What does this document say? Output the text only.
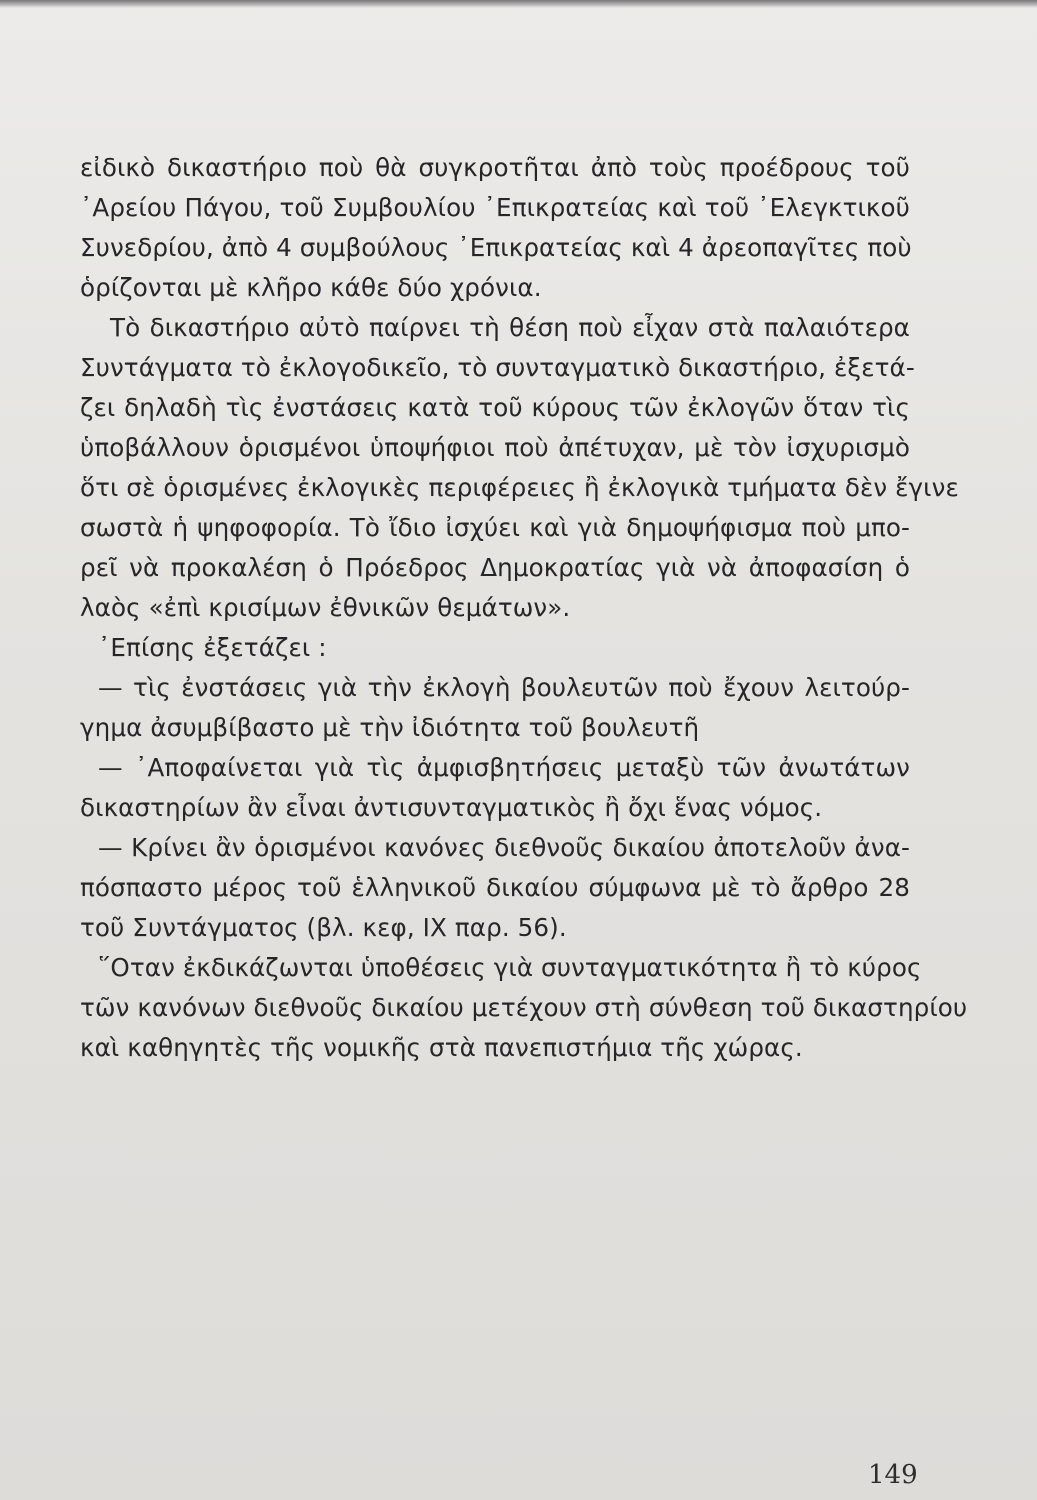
εἰδικὸ δικαστήριο ποὺ θὰ συγκροτῆται ἀπὸ τοὺς προέδρους τοῦ
᾿Αρείου Πάγου, τοῦ Συμβουλίου ᾿Επικρατείας καὶ τοῦ ᾿Ελεγκτικοῦ
Συνεδρίου, ἀπὸ 4 συμβούλους ᾿Επικρατείας καὶ 4 ἀρεοπαγῖτες ποὺ
ὁρίζονται μὲ κλῆρο κάθε δύο χρόνια.
Τὸ δικαστήριο αὐτὸ παίρνει τὴ θέση ποὺ εἶχαν στὰ παλαιότερα
Συντάγματα τὸ ἐκλογοδικεῖο, τὸ συνταγματικὸ δικαστήριο, ἐξετά-
ζει δηλαδὴ τὶς ἐνστάσεις κατὰ τοῦ κύρους τῶν ἐκλογῶν ὅταν τὶς
ὑποβάλλουν ὁρισμένοι ὑποψήφιοι ποὺ ἀπέτυχαν, μὲ τὸν ἰσχυρισμὸ
ὅτι σὲ ὁρισμένες ἐκλογικὲς περιφέρειες ἢ ἐκλογικὰ τμήματα δὲν ἔγινε
σωστὰ ἡ ψηφοφορία. Τὸ ἴδιο ἰσχύει καὶ γιὰ δημοψήφισμα ποὺ μπο-
ρεῖ νὰ προκαλέση ὁ Πρόεδρος Δημοκρατίας γιὰ νὰ ἀποφασίση ὁ
λαὸς «ἐπὶ κρισίμων ἐθνικῶν θεμάτων».
᾿Επίσης ἐξετάζει :
— τὶς ἐνστάσεις γιὰ τὴν ἐκλογὴ βουλευτῶν ποὺ ἔχουν λειτούρ-
γημα ἀσυμβίβαστο μὲ τὴν ἰδιότητα τοῦ βουλευτῆ
— ᾿Αποφαίνεται γιὰ τὶς ἀμφισβητήσεις μεταξὺ τῶν ἀνωτάτων
δικαστηρίων ἂν εἶναι ἀντισυνταγματικὸς ἢ ὄχι ἕνας νόμος.
— Κρίνει ἂν ὁρισμένοι κανόνες διεθνοῦς δικαίου ἀποτελοῦν ἀνα-
πόσπαστο μέρος τοῦ ἑλληνικοῦ δικαίου σύμφωνα μὲ τὸ ἄρθρο 28
τοῦ Συντάγματος (βλ. κεφ, ΙΧ παρ. 56).
῞Οταν ἐκδικάζωνται ὑποθέσεις γιὰ συνταγματικότητα ἢ τὸ κύρος
τῶν κανόνων διεθνοῦς δικαίου μετέχουν στὴ σύνθεση τοῦ δικαστηρίου
καὶ καθηγητὲς τῆς νομικῆς στὰ πανεπιστήμια τῆς χώρας.
149
